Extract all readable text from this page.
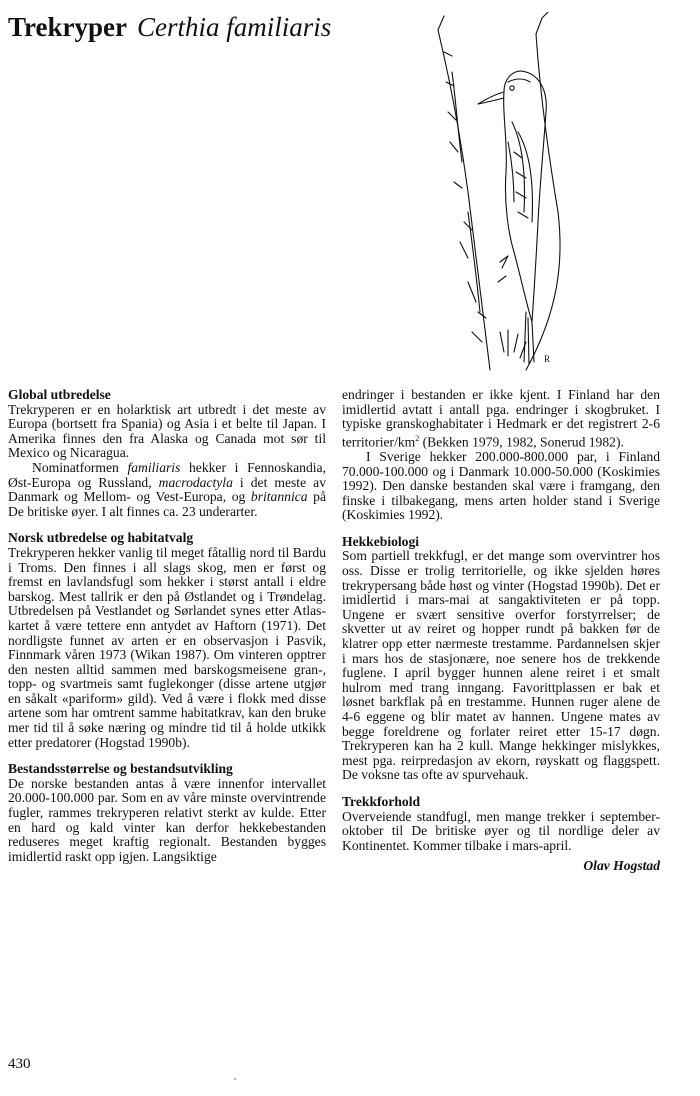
Trekryper Certhia familiaris
R
Global utbredelse

Trekryperen er en holarktisk art utbredt i det meste av Europa (bortsett fra Spania) og Asia i et belte til Japan. I Amerika finnes den fra Alaska og Canada mot sør til Mexico og Nicaragua.

Nominatformen familiaris hekker i Fennoskandia, Øst-Europa og Russland, macrodactyla i det meste av Danmark og Mellom- og Vest-Europa, og britannica på De britiske øyer. I alt finnes ca. 23 underarter.

Norsk utbredelse og habitatvalg

Trekryperen hekker vanlig til meget fåtallig nord til Bardu i Troms. Den finnes i all slags skog, men er først og fremst en lavlandsfugl som hekker i størst antall i eldre barskog. Mest tallrik er den på Østlandet og i Trøndelag. Utbredelsen på Vestlandet og Sørlandet synes etter Atlas-kartet å være tettere enn antydet av Haftorn (1971). Det nordligste funnet av arten er en observasjon i Pasvik, Finnmark våren 1973 (Wikan 1987). Om vinteren opptrer den nesten alltid sammen med barskogsmeisene gran-, topp- og svartmeis samt fuglekonger (disse artene utgjør en såkalt «pariform» gild). Ved å være i flokk med disse artene som har omtrent samme habitatkrav, kan den bruke mer tid til å søke næring og mindre tid til å holde utkikk etter predatorer (Hogstad 1990b).

Bestandsstørrelse og bestandsutvikling

De norske bestanden antas å være innenfor intervallet 20.000-100.000 par. Som en av våre minste overvintrende fugler, rammes trekryperen relativt sterkt av kulde. Etter en hard og kald vinter kan derfor hekkebestanden reduseres meget kraftig regionalt. Bestanden bygges imidlertid raskt opp igjen. Langsiktige

endringer i bestanden er ikke kjent. I Finland har den imidlertid avtatt i antall pga. endringer i skogbruket. I typiske granskoghabitater i Hedmark er det registrert 2-6 territorier/$km^2$ (Bekken 1979, 1982, Sonerud 1982).

I Sverige hekker 200.000-800.000 par, i Finland 70.000-100.000 og i Danmark 10.000-50.000 (Koskimies 1992). Den danske bestanden skal være i framgang, den finske i tilbakegang, mens arten holder stand i Sverige (Koskimies 1992).

Hekkebiologi

Som partiell trekkfugl, er det mange som overvintrer hos oss. Disse er trolig territorielle, og ikke sjelden høres trekrypersang både høst og vinter (Hogstad 1990b). Det er imidlertid i mars-mai at sangaktiviteten er på topp. Ungene er svært sensitive overfor forstyrrelser; de skvetter ut av reiret og hopper rundt på bakken før de klatrer opp etter nærmeste trestamme. Pardannelsen skjer i mars hos de stasjonære, noe senere hos de trekkende fuglene. I april bygger hunnen alene reiret i et smalt hulrom med trang inngang. Favorittplassen er bak et løsnet barkflak på en trestamme. Hunnen ruger alene de 4-6 eggene og blir matet av hannen. Ungene mates av begge foreldrene og forlater reiret etter 15-17 døgn. Trekryperen kan ha 2 kull. Mange hekkinger mislykkes, mest pga. reirpredasjon av ekorn, røyskatt og flaggspett. De voksne tas ofte av spurvehauk.

Trekkforhold

Overveiende standfugl, men mange trekker i september-oktober til De britiske øyer og til nordlige deler av Kontinentet. Kommer tilbake i mars-april.

Olav Hogstad
430
